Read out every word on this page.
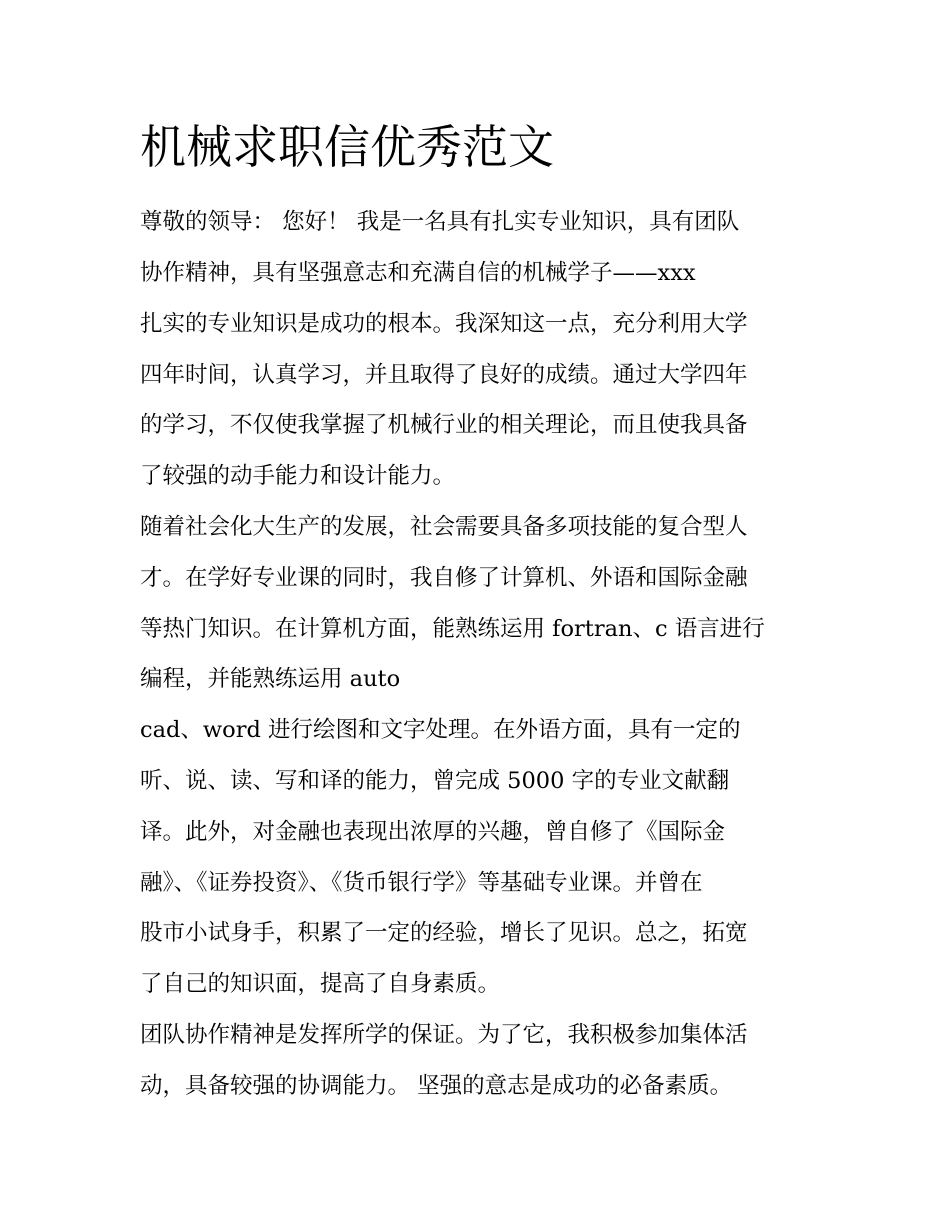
机械求职信优秀范文

尊敬的领导： 您好！ 我是一名具有扎实专业知识，具有团队

协作精神，具有坚强意志和充满自信的机械学子——xxx

扎实的专业知识是成功的根本。我深知这一点，充分利用大学

四年时间，认真学习，并且取得了良好的成绩。通过大学四年

的学习，不仅使我掌握了机械行业的相关理论，而且使我具备

了较强的动手能力和设计能力。

随着社会化大生产的发展，社会需要具备多项技能的复合型人

才。在学好专业课的同时，我自修了计算机、外语和国际金融

等热门知识。在计算机方面，能熟练运用 fortran、c 语言进行

编程，并能熟练运用 auto

cad、word 进行绘图和文字处理。在外语方面，具有一定的

听、说、读、写和译的能力，曾完成 5000 字的专业文献翻

译。此外，对金融也表现出浓厚的兴趣，曾自修了《国际金

融》、《证券投资》、《货币银行学》等基础专业课。并曾在

股市小试身手，积累了一定的经验，增长了见识。总之，拓宽

了自己的知识面，提高了自身素质。

团队协作精神是发挥所学的保证。为了它，我积极参加集体活

动，具备较强的协调能力。 坚强的意志是成功的必备素质。
